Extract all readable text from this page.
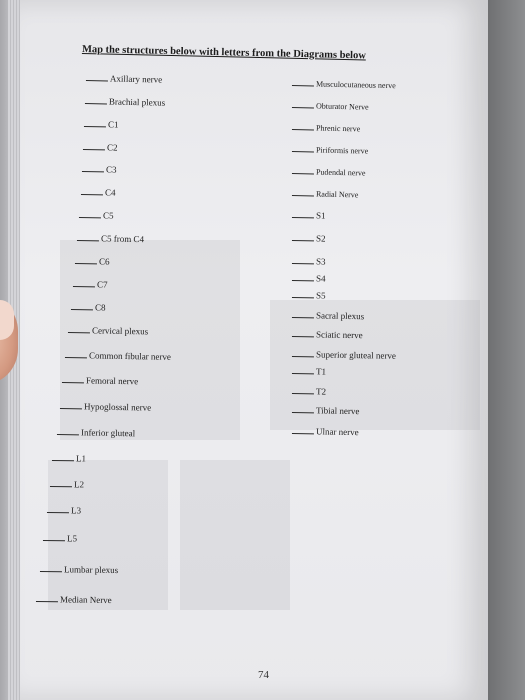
Map the structures below with letters from the Diagrams below
Axillary nerve
Brachial plexus
C1
C2
C3
C4
C5
C5 from C4
C6
C7
C8
Cervical plexus
Common fibular nerve
Femoral nerve
Hypoglossal nerve
Inferior gluteal
L1
L2
L3
L5
Lumbar plexus
Median Nerve
Musculocutaneous nerve
Obturator Nerve
Phrenic nerve
Piriformis nerve
Pudendal nerve
Radial Nerve
S1
S2
S3
S4
S5
Sacral plexus
Sciatic nerve
Superior gluteal nerve
T1
T2
Tibial nerve
Ulnar nerve
74
